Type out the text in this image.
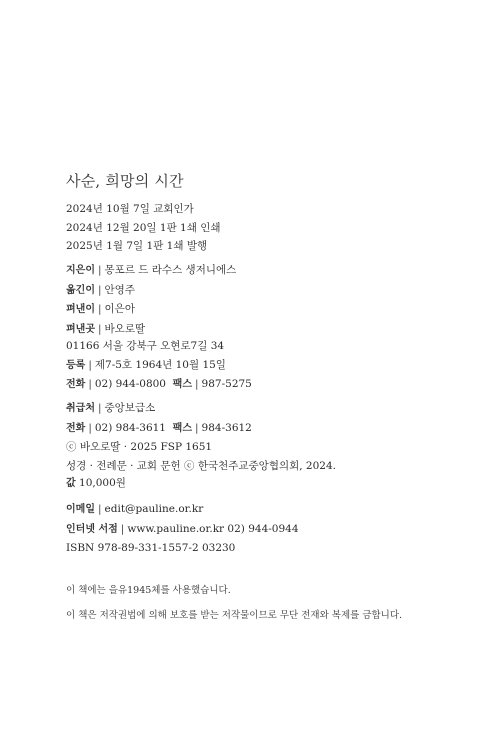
사순, 희망의 시간
2024년 10월 7일 교회인가
2024년 12월 20일 1판 1쇄 인쇄
2025년 1월 7일 1판 1쇄 발행
지은이 | 몽포르 드 라수스 생저니에스
옮긴이 | 안영주
펴낸이 | 이은아
펴낸곳 | 바오로딸
01166 서울 강북구 오현로7길 34
등록 | 제7-5호 1964년 10월 15일
전화 | 02) 944-0800 팩스 | 987-5275
취급처 | 중앙보급소
전화 | 02) 984-3611 팩스 | 984-3612
ⓒ 바오로딸 · 2025 FSP 1651
성경 · 전례문 · 교회 문헌 ⓒ 한국천주교중앙협의회, 2024.
값 10,000원
이메일 | edit@pauline.or.kr
인터넷 서점 | www.pauline.or.kr 02) 944-0944
ISBN 978-89-331-1557-2 03230
이 책에는 을유1945체를 사용했습니다.
이 책은 저작권법에 의해 보호를 받는 저작물이므로 무단 전재와 복제를 금합니다.
